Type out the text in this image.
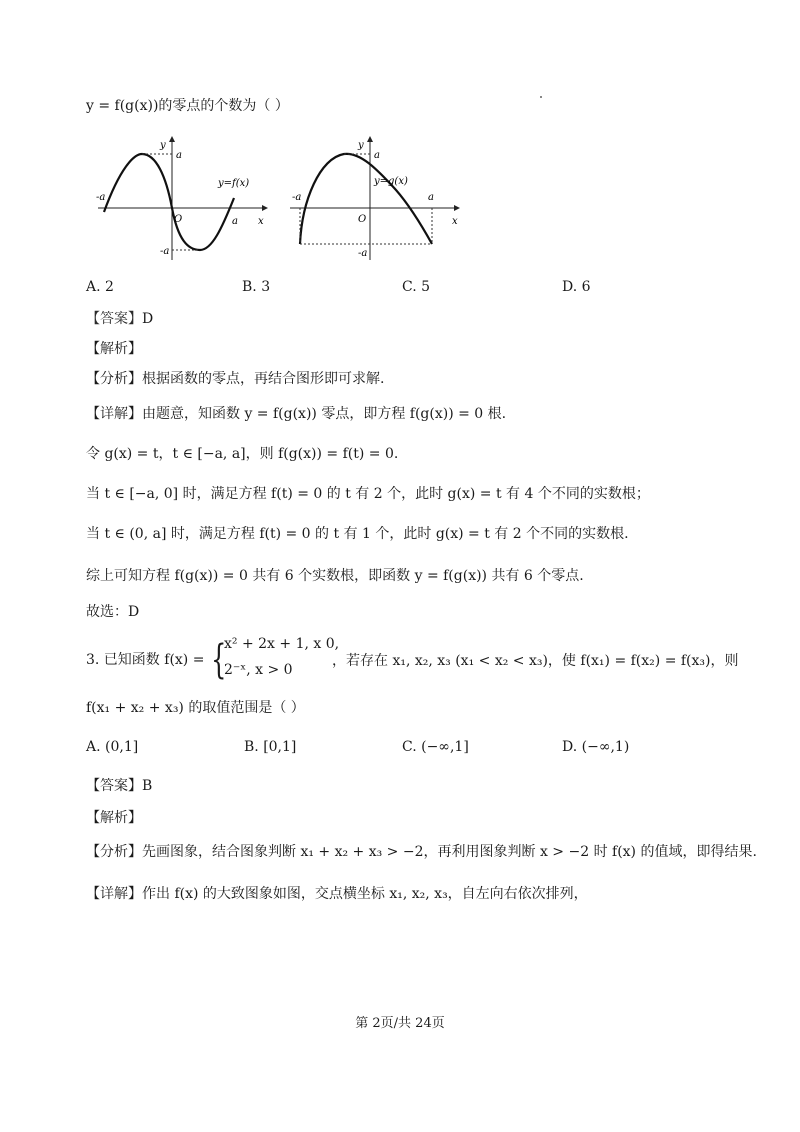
y = f(g(x))的零点的个数为（ ）
y
a
-a
O	a x
-a
y=f(x)
y
a
y=g(x)
-a
O
a
x
-a
A. 2	B. 3	C. 5	D. 6
【答案】D
【解析】
【分析】根据函数的零点，再结合图形即可求解.
【详解】由题意，知函数 y = f(g(x)) 零点，即方程 f(g(x)) = 0 根.
令 g(x) = t，t ∈ [−a, a]，则 f(g(x)) = f(t) = 0.
当 t ∈ [−a, 0] 时，满足方程 f(t) = 0 的 t 有 2 个，此时 g(x) = t 有 4 个不同的实数根；
当 t ∈ (0, a] 时，满足方程 f(t) = 0 的 t 有 1 个，此时 g(x) = t 有 2 个不同的实数根.
综上可知方程 f(g(x)) = 0 共有 6 个实数根，即函数 y = f(g(x)) 共有 6 个零点.
故选：D
3. 已知函数 f(x) = {
x² + 2x + 1, x 0,
2⁻ˣ, x > 0
，若存在 x₁, x₂, x₃ (x₁ < x₂ < x₃)，使 f(x₁) = f(x₂) = f(x₃)，则
f(x₁ + x₂ + x₃) 的取值范围是（ ）
A. (0,1]	B. [0,1]	C. (−∞,1]	D. (−∞,1)
【答案】B
【解析】
【分析】先画图象，结合图象判断 x₁ + x₂ + x₃ > −2，再利用图象判断 x > −2 时 f(x) 的值域，即得结果.
【详解】作出 f(x) 的大致图象如图，交点横坐标 x₁, x₂, x₃，自左向右依次排列，
第 2页/共 24页
